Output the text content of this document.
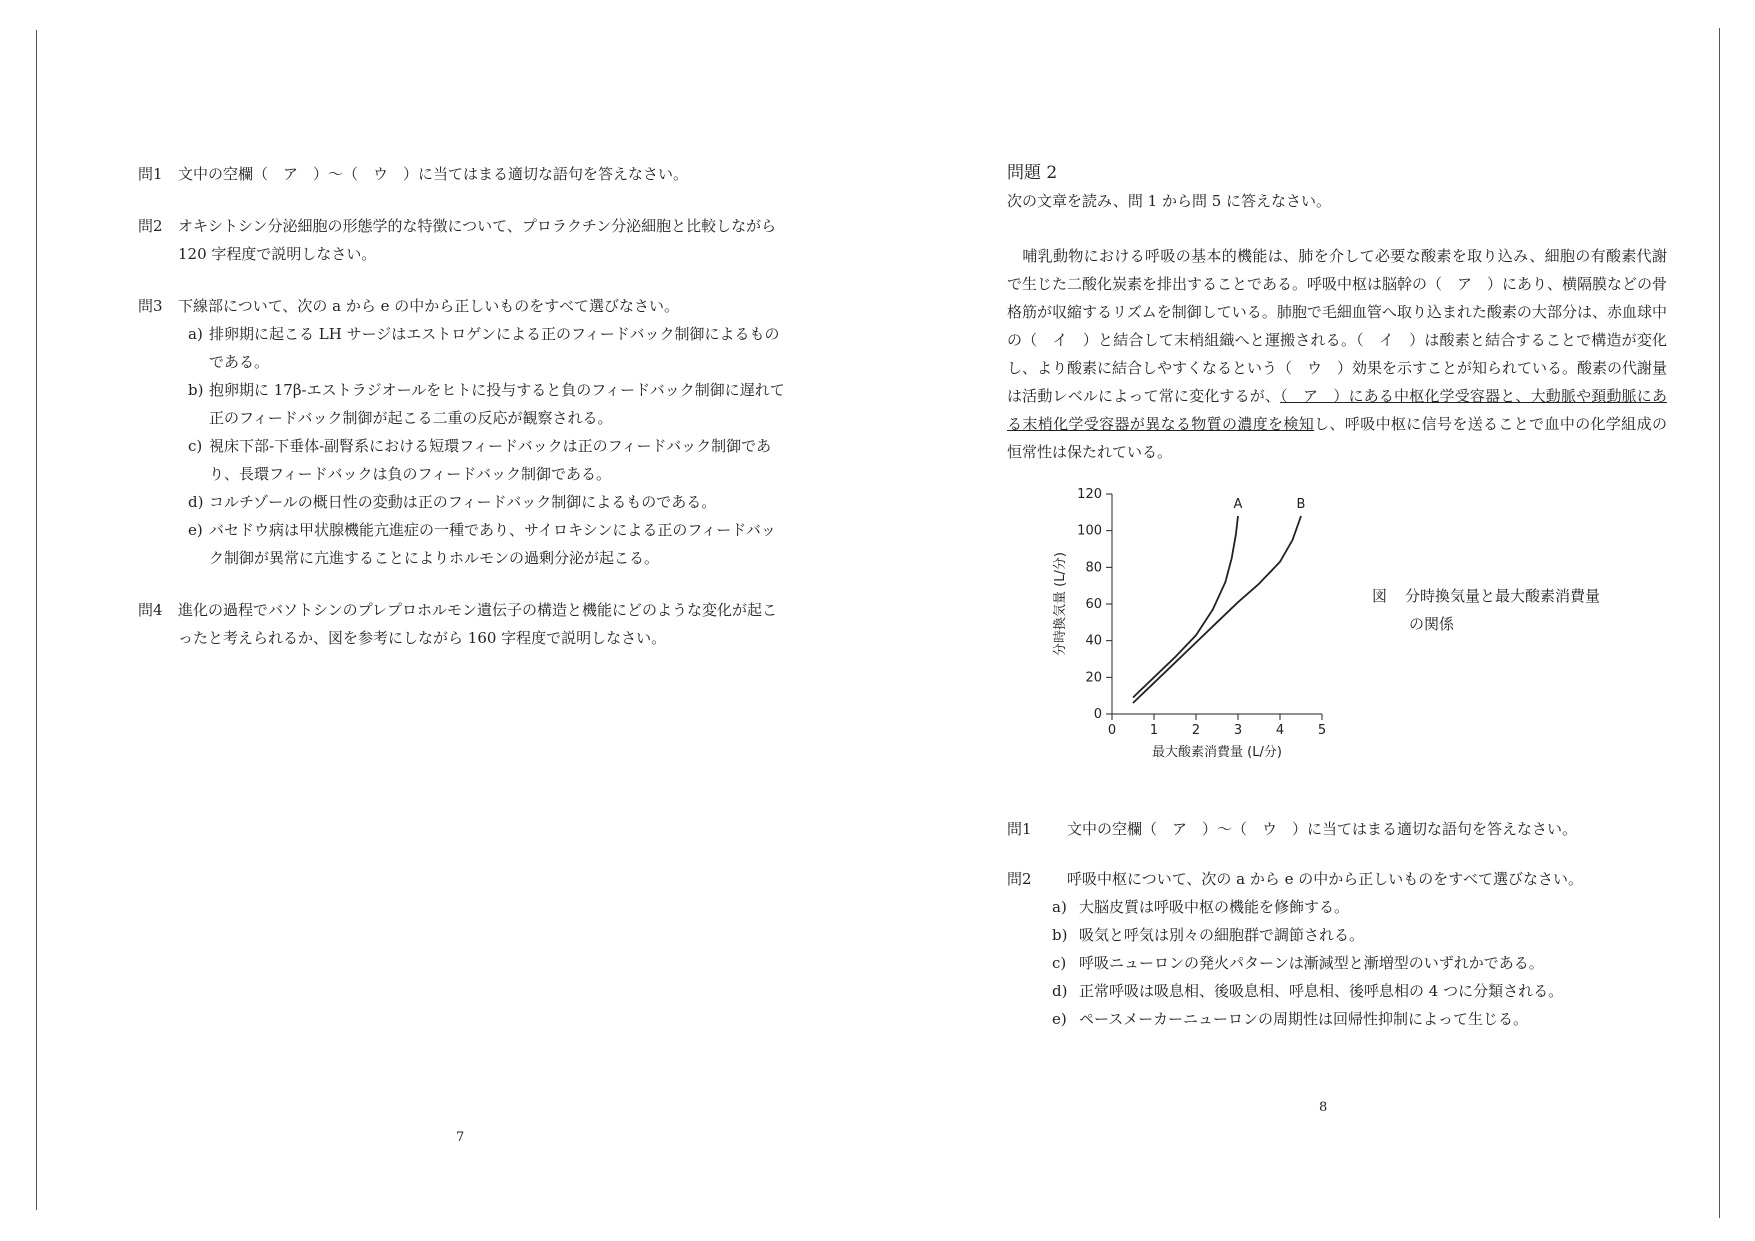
問1 文中の空欄（　ア　）～（　ウ　）に当てはまる適切な語句を答えなさい。
問2 オキシトシン分泌細胞の形態学的な特徴について、プロラクチン分泌細胞と比較しながら 120 字程度で説明しなさい。
問3 下線部について、次の a から e の中から正しいものをすべて選びなさい。
a) 排卵期に起こる LH サージはエストロゲンによる正のフィードバック制御によるものである。
b) 抱卵期に 17β-エストラジオールをヒトに投与すると負のフィードバック制御に遅れて正のフィードバック制御が起こる二重の反応が観察される。
c) 視床下部-下垂体-副腎系における短環フィードバックは正のフィードバック制御であり、長環フィードバックは負のフィードバック制御である。
d) コルチゾールの概日性の変動は正のフィードバック制御によるものである。
e) バセドウ病は甲状腺機能亢進症の一種であり、サイロキシンによる正のフィードバック制御が異常に亢進することによりホルモンの過剰分泌が起こる。
問4 進化の過程でバソトシンのプレプロホルモン遺伝子の構造と機能にどのような変化が起こったと考えられるか、図を参考にしながら 160 字程度で説明しなさい。
7
問題 2
次の文章を読み、問 1 から問 5 に答えなさい。
　哺乳動物における呼吸の基本的機能は、肺を介して必要な酸素を取り込み、細胞の有酸素代謝で生じた二酸化炭素を排出することである。呼吸中枢は脳幹の（　ア　）にあり、横隔膜などの骨格筋が収縮するリズムを制御している。肺胞で毛細血管へ取り込まれた酸素の大部分は、赤血球中の（　イ　）と結合して末梢組織へと運搬される。（　イ　）は酸素と結合することで構造が変化し、より酸素に結合しやすくなるという（　ウ　）効果を示すことが知られている。酸素の代謝量は活動レベルによって常に変化するが、（　ア　）にある中枢化学受容器と、大動脈や頚動脈にある末梢化学受容器が異なる物質の濃度を検知し、呼吸中枢に信号を送ることで血中の化学組成の恒常性は保たれている。
分時換気量 (L/分)
最大酸素消費量 (L/分)
0
20
40
60
80
100
120
0	1	2	3	4	5
A	B
図 分時換気量と最大酸素消費量
の関係
問1 文中の空欄（　ア　）～（　ウ　）に当てはまる適切な語句を答えなさい。
問2 呼吸中枢について、次の a から e の中から正しいものをすべて選びなさい。
a) 大脳皮質は呼吸中枢の機能を修飾する。
b) 吸気と呼気は別々の細胞群で調節される。
c) 呼吸ニューロンの発火パターンは漸減型と漸増型のいずれかである。
d) 正常呼吸は吸息相、後吸息相、呼息相、後呼息相の 4 つに分類される。
e) ペースメーカーニューロンの周期性は回帰性抑制によって生じる。
8
